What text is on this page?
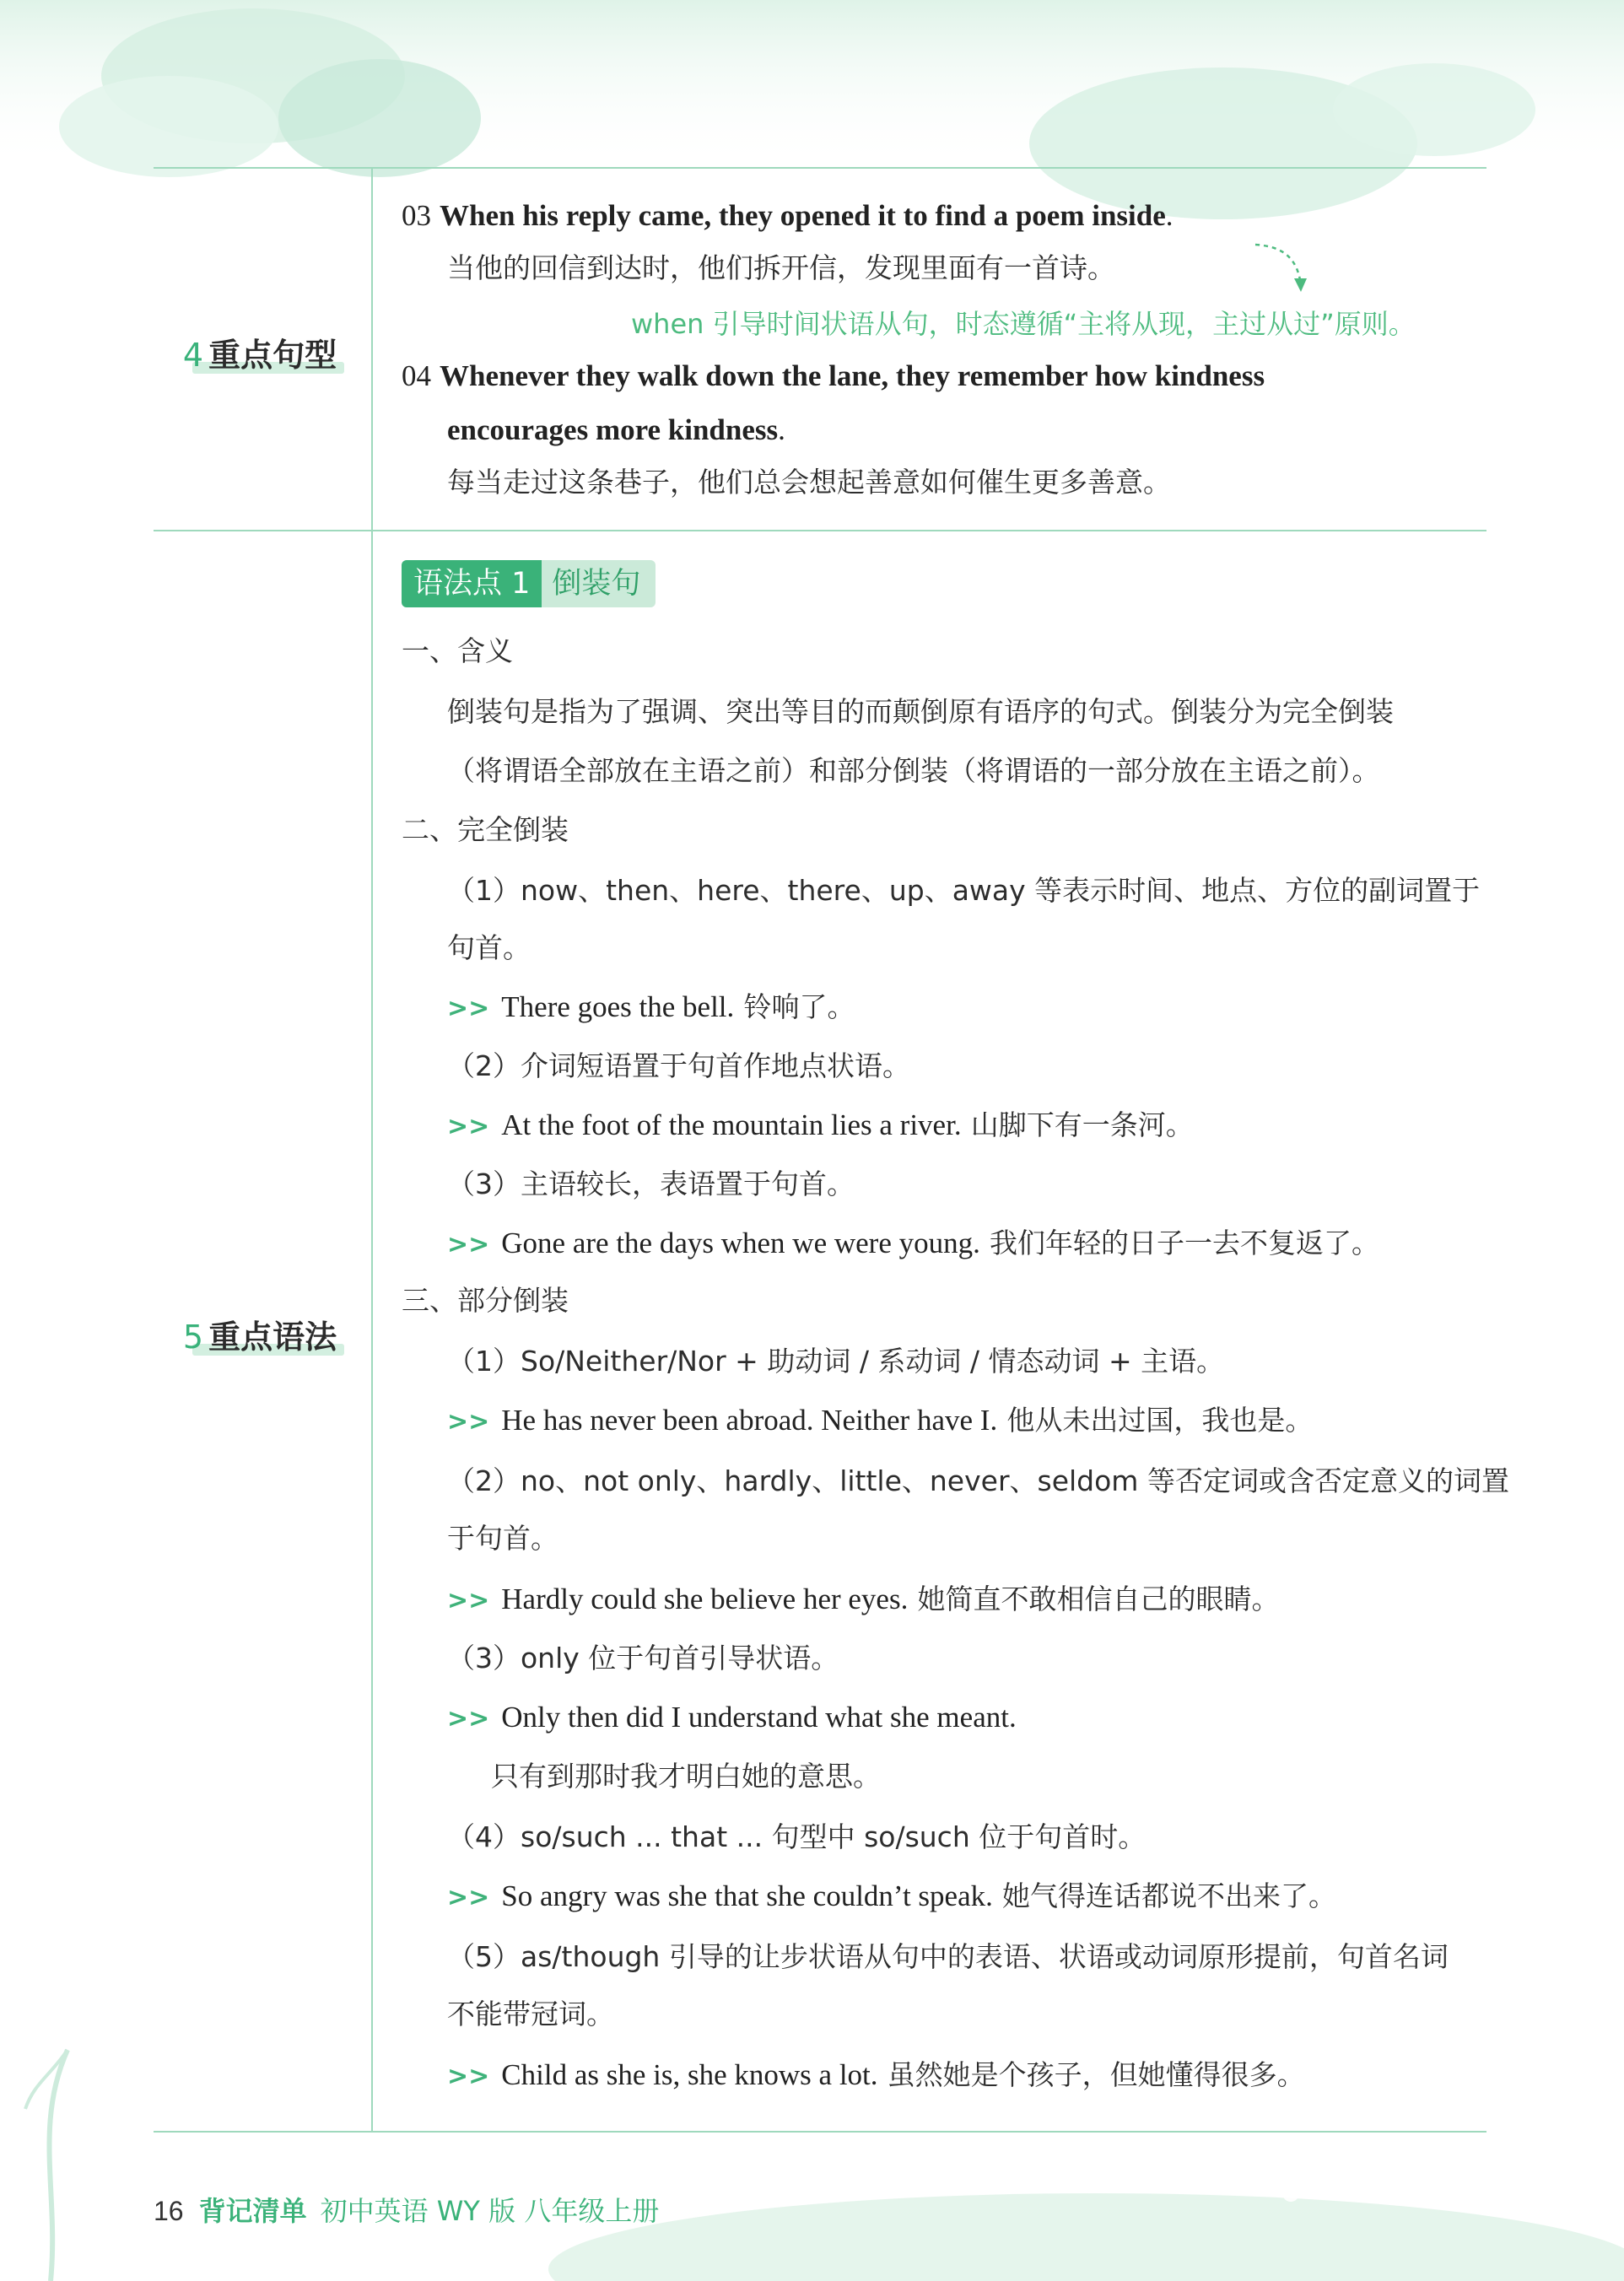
4 重点句型
03 When his reply came, they opened it to find a poem inside.
当他的回信到达时，他们拆开信，发现里面有一首诗。
when 引导时间状语从句，时态遵循“主将从现，主过从过”原则。
04 Whenever they walk down the lane, they remember how kindness
encourages more kindness.
每当走过这条巷子，他们总会想起善意如何催生更多善意。
5 重点语法
语法点 1 倒装句
一、含义
倒装句是指为了强调、突出等目的而颠倒原有语序的句式。倒装分为完全倒装
（将谓语全部放在主语之前）和部分倒装（将谓语的一部分放在主语之前）。
二、完全倒装
（1）now、then、here、there、up、away 等表示时间、地点、方位的副词置于
句首。
>> There goes the bell. 铃响了。
（2）介词短语置于句首作地点状语。
>> At the foot of the mountain lies a river. 山脚下有一条河。
（3）主语较长，表语置于句首。
>> Gone are the days when we were young. 我们年轻的日子一去不复返了。
三、部分倒装
（1）So/Neither/Nor + 助动词 / 系动词 / 情态动词 + 主语。
>> He has never been abroad. Neither have I. 他从未出过国，我也是。
（2）no、not only、hardly、little、never、seldom 等否定词或含否定意义的词置
于句首。
>> Hardly could she believe her eyes. 她简直不敢相信自己的眼睛。
（3）only 位于句首引导状语。
>> Only then did I understand what she meant.
只有到那时我才明白她的意思。
（4）so/such ... that ... 句型中 so/such 位于句首时。
>> So angry was she that she couldn’t speak. 她气得连话都说不出来了。
（5）as/though 引导的让步状语从句中的表语、状语或动词原形提前，句首名词
不能带冠词。
>> Child as she is, she knows a lot. 虽然她是个孩子，但她懂得很多。
16 背记清单 初中英语 WY 版 八年级上册
